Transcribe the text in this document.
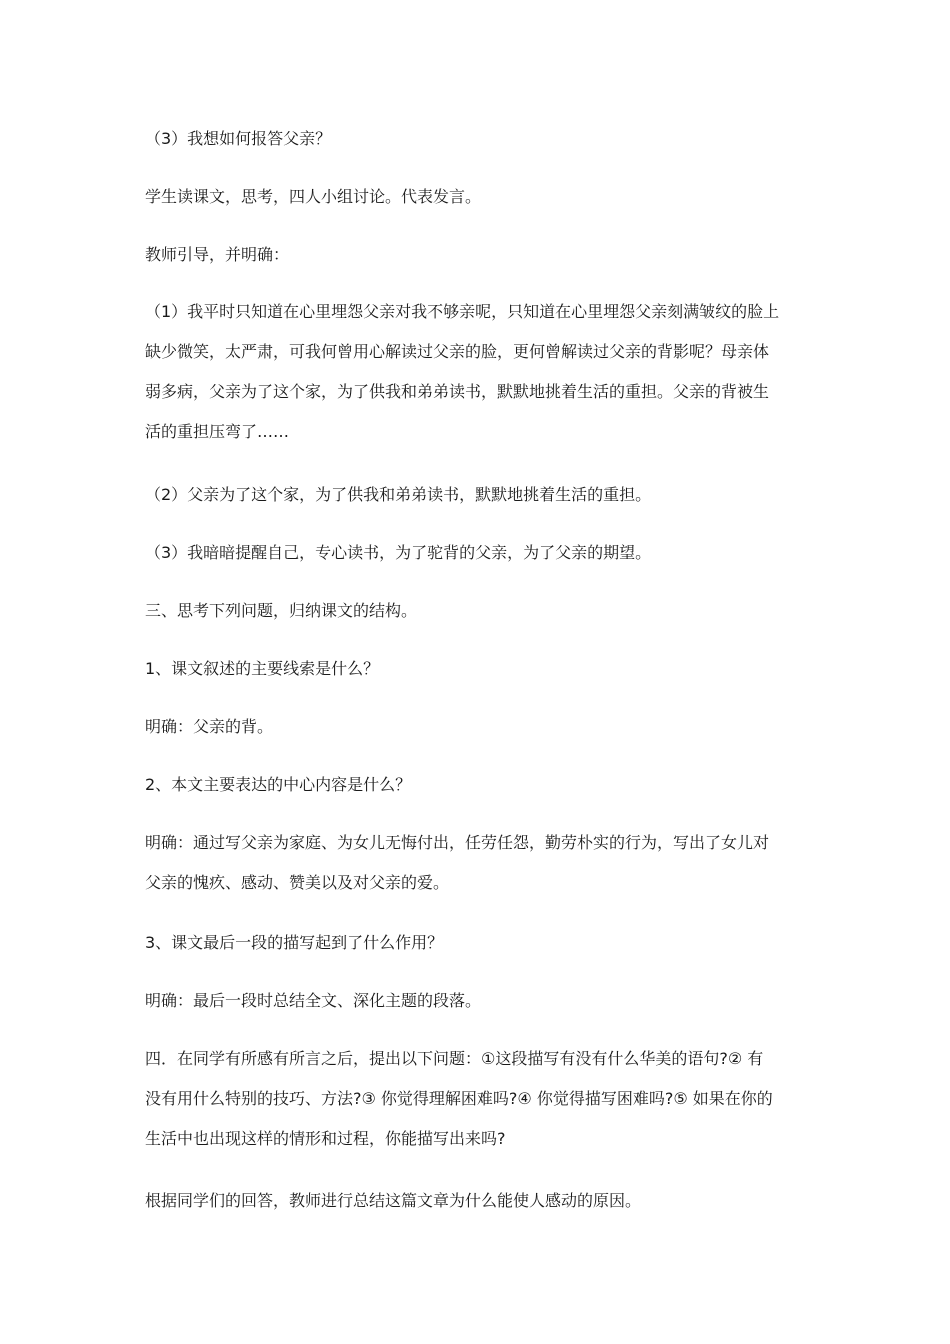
（3）我想如何报答父亲？
学生读课文，思考，四人小组讨论。代表发言。
教师引导，并明确：
（1）我平时只知道在心里埋怨父亲对我不够亲呢，只知道在心里埋怨父亲刻满皱纹的脸上
缺少微笑，太严肃，可我何曾用心解读过父亲的脸，更何曾解读过父亲的背影呢？母亲体
弱多病，父亲为了这个家，为了供我和弟弟读书，默默地挑着生活的重担。父亲的背被生
活的重担压弯了……
（2）父亲为了这个家，为了供我和弟弟读书，默默地挑着生活的重担。
（3）我暗暗提醒自己，专心读书，为了驼背的父亲，为了父亲的期望。
三、思考下列问题，归纳课文的结构。
1、课文叙述的主要线索是什么？
明确：父亲的背。
2、本文主要表达的中心内容是什么？
明确：通过写父亲为家庭、为女儿无悔付出，任劳任怨，勤劳朴实的行为，写出了女儿对
父亲的愧疚、感动、赞美以及对父亲的爱。
3、课文最后一段的描写起到了什么作用？
明确：最后一段时总结全文、深化主题的段落。
四．在同学有所感有所言之后，提出以下问题：①这段描写有没有什么华美的语句?② 有
没有用什么特别的技巧、方法?③ 你觉得理解困难吗?④ 你觉得描写困难吗?⑤ 如果在你的
生活中也出现这样的情形和过程，你能描写出来吗?
根据同学们的回答，教师进行总结这篇文章为什么能使人感动的原因。
